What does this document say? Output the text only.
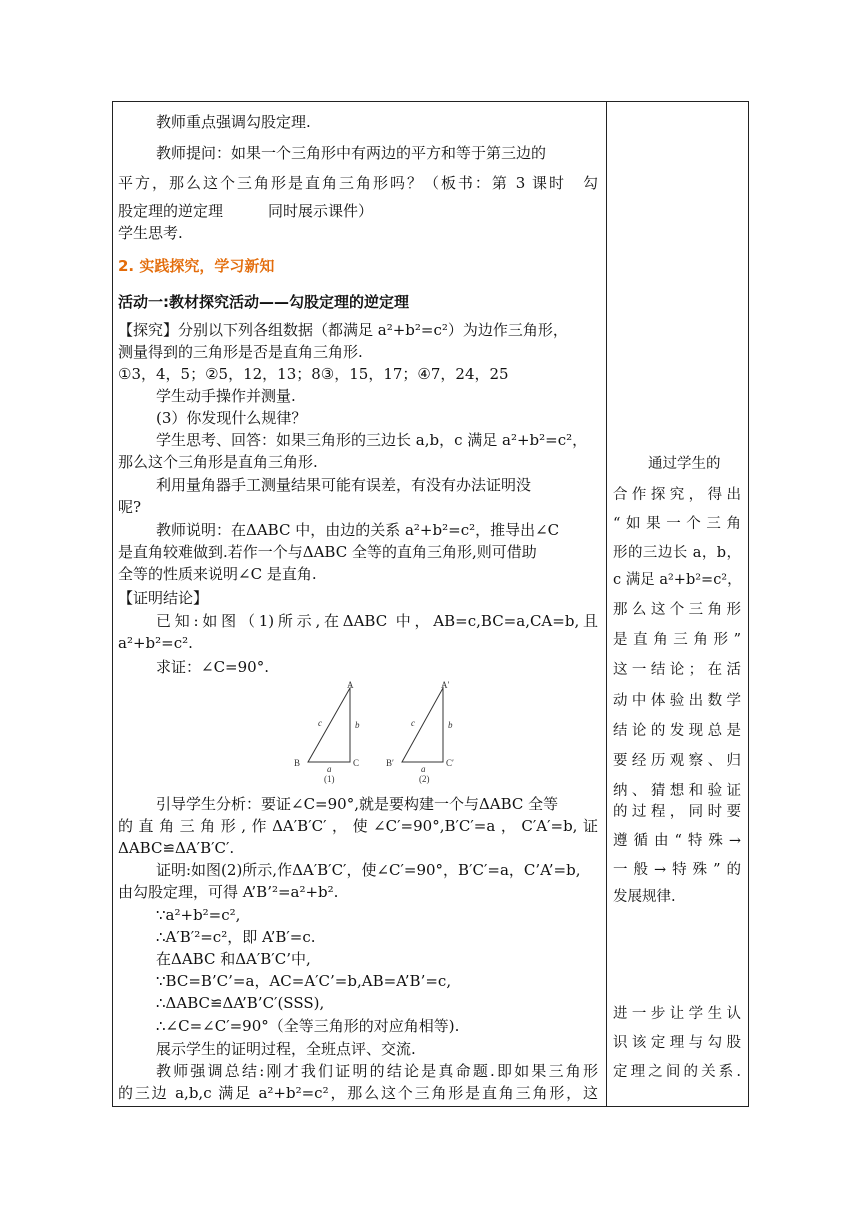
教师重点强调勾股定理.
教师提问：如果一个三角形中有两边的平方和等于第三边的
平方，那么这个三角形是直角三角形吗？（板书：第 3 课时　勾
股定理的逆定理　　　同时展示课件）
学生思考.
2. 实践探究，学习新知
活动一:教材探究活动——勾股定理的逆定理
【探究】分别以下列各组数据（都满足 a²+b²=c²）为边作三角形，
测量得到的三角形是否是直角三角形.
①3，4，5；②5，12，13；8③，15，17；④7，24，25
学生动手操作并测量.
(3）你发现什么规律？
学生思考、回答：如果三角形的三边长 a,b，c 满足 a²+b²=c²，
那么这个三角形是直角三角形.
利用量角器手工测量结果可能有误差，有没有办法证明没
呢?
教师说明：在ΔABC 中，由边的关系 a²+b²=c²，推导出∠C
是直角较难做到.若作一个与ΔABC 全等的直角三角形,则可借助
全等的性质来说明∠C 是直角.
【证明结论】
已知:如图（1)所示,在ΔABC 中，AB=c,BC=a,CA=b,且
a²+b²=c².
求证：∠C=90°.
A
B	C
b
c
a
(1)
A′
B′	C′
b
c
a
(2)
引导学生分析：要证∠C=90°,就是要构建一个与ΔABC 全等
的直角三角形,作ΔA′B′C′，使∠C′=90°,B′C′=a，C′A′=b,证
ΔABC≌ΔA′B′C′.
证明:如图(2)所示,作ΔA′B′C′，使∠C′=90°，B′C′=a，C’A’=b,
由勾股定理，可得 A’B’²=a²+b².
∵a²+b²=c²,
∴A′B′²=c²，即 A’B′=c.
在ΔABC 和ΔA′B′C’中,
∵BC=B’C’=a，AC=A′C’=b,AB=A’B’=c,
∴ΔABC≌ΔA’B’C′(SSS),
∴∠C=∠C′=90°（全等三角形的对应角相等).
展示学生的证明过程，全班点评、交流.
教师强调总结:刚才我们证明的结论是真命题.即如果三角形
的三边 a,b,c 满足 a²+b²=c²，那么这个三角形是直角三角形，这
通过学生的
合作探究，得出
“如果一个三角
形的三边长 a，b，
c 满足 a²+b²=c²，
那么这个三角形
是直角三角形”
这一结论；在活
动中体验出数学
结论的发现总是
要经历观察、归
纳、猜想和验证
的过程，同时要
遵循由“特殊→
一般→特殊”的
发展规律.
进一步让学生认
识该定理与勾股
定理之间的关系.
